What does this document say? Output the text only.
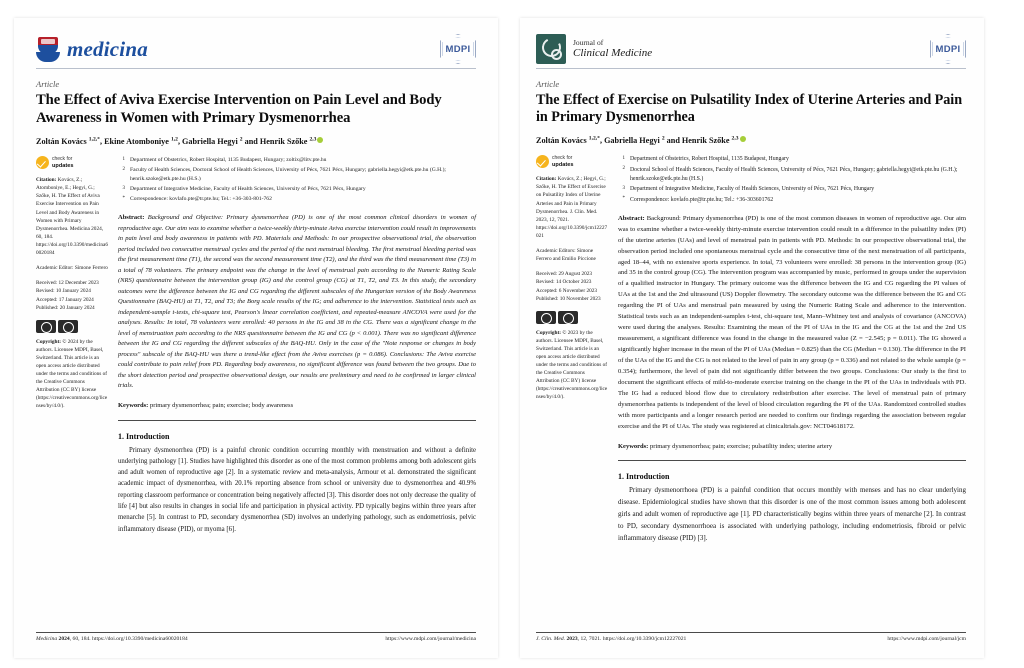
medicina	MDPI
Article
The Effect of Aviva Exercise Intervention on Pain Level and Body Awareness in Women with Primary Dysmenorrhea
Zoltán Kovács $^{1,2,*}$, Ekine Atomboniye $^{1,2}$, Gabriella Hegyi $^2$ and Henrik Szőke $^{2,3}$
check for
updates
Citation: Kovács, Z.; Atomboniye, E.; Hegyi, G.; Szőke, H. The Effect of Aviva Exercise Intervention on Pain Level and Body Awareness in Women with Primary Dysmenorrhea. Medicina 2024, 60, 184. https://doi.org/10.3390/medicina60020184
Academic Editor: Simone Ferrero
Received: 12 December 2023
Revised: 10 January 2024
Accepted: 17 January 2024
Published: 20 January 2024
Copyright: © 2024 by the authors. Licensee MDPI, Basel, Switzerland. This article is an open access article distributed under the terms and conditions of the Creative Commons Attribution (CC BY) license (https://creativecommons.org/licenses/by/4.0/).
1 Department of Obstetrics, Robert Hospital, 1135 Budapest, Hungary; zoltix@litv.pte.hu
2 Faculty of Health Sciences, Doctoral School of Health Sciences, University of Pécs, 7621 Pécs, Hungary; gabriella.hegyi@etk.pte.hu (G.H.); henrik.szoke@etk.pte.hu (H.S.)
3 Department of Integrative Medicine, Faculty of Health Sciences, University of Pécs, 7621 Pécs, Hungary
* Correspondence: kovlafo.pte@tr.pte.hu; Tel.: +36-303-801-762
Abstract: Background and Objective: Primary dysmenorrhea (PD) is one of the most common clinical disorders in women of reproductive age. Our aim was to examine whether a twice-weekly thirty-minute Aviva exercise intervention could result in improvements in pain level and body awareness in patients with PD. Materials and Methods: In our prospective observational trial, the observation period included two consecutive menstrual cycles and the period of the next menstrual bleeding. The first menstrual bleeding period was the first measurement time (T1), the second was the second measurement time (T2), and the third was the third measurement time (T3) in a total of 78 volunteers. The primary endpoint was the change in the level of menstrual pain according to the Numeric Rating Scale (NRS) questionnaire between the intervention group (IG) and the control group (CG) at T1, T2, and T3. In this study, the secondary outcomes were the difference between the IG and CG regarding the different subscales of the Hungarian version of the Body Awareness Questionnaire (BAQ-HU) at T1, T2, and T3; the Borg scale results of the IG; and adherence to the intervention. Statistical tests such as independent-sample t-tests, chi-square test, Pearson's linear correlation coefficient, and repeated-measure ANCOVA were used for the analyses. Results: In total, 78 volunteers were enrolled: 40 persons in the IG and 38 in the CG. There was a significant change in the level of menstruation pain according to the NRS questionnaire between the IG and CG (p < 0.001). There was no significant difference between the IG and CG regarding the different subscales of the BAQ-HU. Only in the case of the "Note response or changes in body process" subscale of the BAQ-HU was there a trend-like effect from the Aviva exercises (p = 0.086). Conclusions: The Aviva exercise could contribute to pain relief from PD. Regarding body awareness, no significant difference was found between the two groups. Due to the short detection period and prospective observational design, our results are preliminary and need to be confirmed in larger clinical trials.
Keywords: primary dysmenorrhea; pain; exercise; body awareness
1. Introduction
Primary dysmenorrhea (PD) is a painful chronic condition occurring monthly with menstruation and without a definite underlying pathology [1]. Studies have highlighted this disorder as one of the most common problems among both adolescent girls and adult women of reproductive age [2]. In a systematic review and meta-analysis, Armour et al. demonstrated the significant academic impact of dysmenorrhea, with 20.1% reporting absence from school or university due to dysmenorrhea and 40.9% reporting classroom performance or concentration being negatively affected [3]. This disorder does not only decrease the quality of life [4] but also results in changes in social life and participation in physical activity. PD typically begins within three years after menarche [5]. In contrast to PD, secondary dysmenorrhea (SD) involves an underlying pathology, such as endometriosis, pelvic inflammatory disease (PID), or myoma [6].
Medicina 2024, 60, 184. https://doi.org/10.3390/medicina60020184	https://www.mdpi.com/journal/medicina
Journal of
Clinical Medicine	MDPI
Article
The Effect of Exercise on Pulsatility Index of Uterine Arteries and Pain in Primary Dysmenorrhea
Zoltán Kovács $^{1,2,*}$, Gabriella Hegyi $^2$ and Henrik Szőke $^{2,3}$
check for
updates
Citation: Kovács, Z.; Hegyi, G.; Szőke, H. The Effect of Exercise on Pulsatility Index of Uterine Arteries and Pain in Primary Dysmenorrhea. J. Clin. Med. 2023, 12, 7021. https://doi.org/10.3390/jcm12227021
Academic Editors: Simone Ferrero and Emilio Piccione
Received: 29 August 2023
Revised: 14 October 2023
Accepted: 6 November 2023
Published: 10 November 2023
Copyright: © 2023 by the authors. Licensee MDPI, Basel, Switzerland. This article is an open access article distributed under the terms and conditions of the Creative Commons Attribution (CC BY) license (https://creativecommons.org/licenses/by/4.0/).
1 Department of Obstetrics, Robert Hospital, 1135 Budapest, Hungary
2 Doctoral School of Health Sciences, Faculty of Health Sciences, University of Pécs, 7621 Pécs, Hungary; gabriella.hegyi@etk.pte.hu (G.H.); henrik.szoke@etk.pte.hu (H.S.)
3 Department of Integrative Medicine, Faculty of Health Sciences, University of Pécs, 7621 Pécs, Hungary
* Correspondence: kovlafo.pte@tr.pte.hu; Tel.: +36-303601762
Abstract: Background: Primary dysmenorrhea (PD) is one of the most common diseases in women of reproductive age. Our aim was to examine whether a twice-weekly thirty-minute exercise intervention could result in a difference in the pulsatility index (PI) of the uterine arteries (UAs) and level of menstrual pain in patients with PD. Methods: In our prospective observational trial, the observation period included one spontaneous menstrual cycle and the consecutive time of the next menstruation of all participants, aged 18–44, with no extensive sports experience. In total, 73 volunteers were enrolled: 38 persons in the intervention group (IG) and 35 in the control group (CG). The intervention program was accompanied by music, performed in groups under the supervision of a qualified instructor in Hungary. The primary outcome was the difference between the IG and CG regarding the PI values of UAs at the 1st and the 2nd ultrasound (US) Doppler flowmetry. The secondary outcome was the difference between the IG and CG regarding the PI of UAs and menstrual pain measured by using the Numeric Rating Scale and adherence to the intervention. Statistical tests such as an independent-samples t-test, chi-square test, Mann–Whitney test and analysis of covariance (ANCOVA) were used during the analyses. Results: Examining the mean of the PI of UAs in the IG and the CG at the 1st and the 2nd US measurement, a significant difference was found in the change in the measured value (Z = −2.545; p = 0.011). The IG showed a significantly higher increase in the mean of the PI of UAs (Median = 0.825) than the CG (Median = 0.130). The difference in the PI of the UAs of the IG and the CG is not related to the level of pain in any group (p = 0.336) and not related to the whole sample (p = 0.354); furthermore, the level of pain did not significantly differ between the two groups. Conclusions: Our study is the first to document the significant effects of mild-to-moderate exercise training on the change in the PI of the UAs in individuals with PD. The IG had a reduced blood flow due to circulatory redistribution after exercise. The level of menstrual pain of primary dysmenorrhea patients is independent of the level of blood circulation regarding the PI of the UAs. Randomized controlled studies with more participants and a longer research period are needed to confirm our findings regarding the association between regular exercise and the PI of UAs. The study was registered at clinicaltrials.gov: NCT04618172.
Keywords: primary dysmenorrhea; pain; exercise; pulsatility index; uterine artery
1. Introduction
Primary dysmenorrhoea (PD) is a painful condition that occurs monthly with menses and has no clear underlying disease. Epidemiological studies have shown that this disorder is one of the most common issues among both adolescent girls and adult women of reproductive age [1]. PD characteristically begins within three years of menarche [2]. In contrast to PD, secondary dysmenorrhoea is associated with underlying pathology, including endometriosis, fibroid or pelvic inflammatory disease (PID) [3].
J. Clin. Med. 2023, 12, 7021. https://doi.org/10.3390/jcm12227021	https://www.mdpi.com/journal/jcm
